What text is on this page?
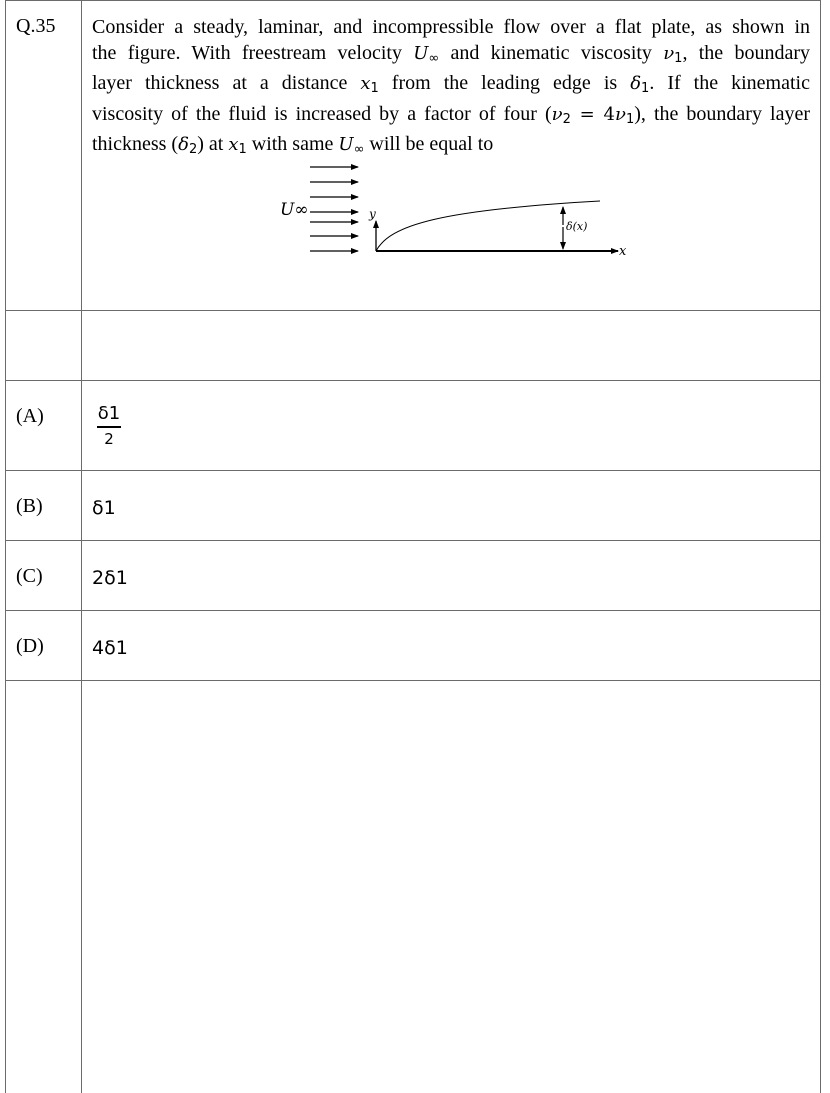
Q.35 Consider a steady, laminar, and incompressible flow over a flat plate, as shown in
the figure. With freestream velocity $U_\infty$ and kinematic viscosity $\nu_1$, the boundary
layer thickness at a distance $x_1$ from the leading edge is $\delta_1$. If the kinematic
viscosity of the fluid is increased by a factor of four $(\nu_2 = 4\nu_1)$, the boundary layer
thickness $(\delta_2)$ at $x_1$ with same $U_\infty$ will be equal to
U∞	y
x
δ(x)
(A)	δ1
2
(B)	δ1
(C)	2δ1
(D)	4δ1
